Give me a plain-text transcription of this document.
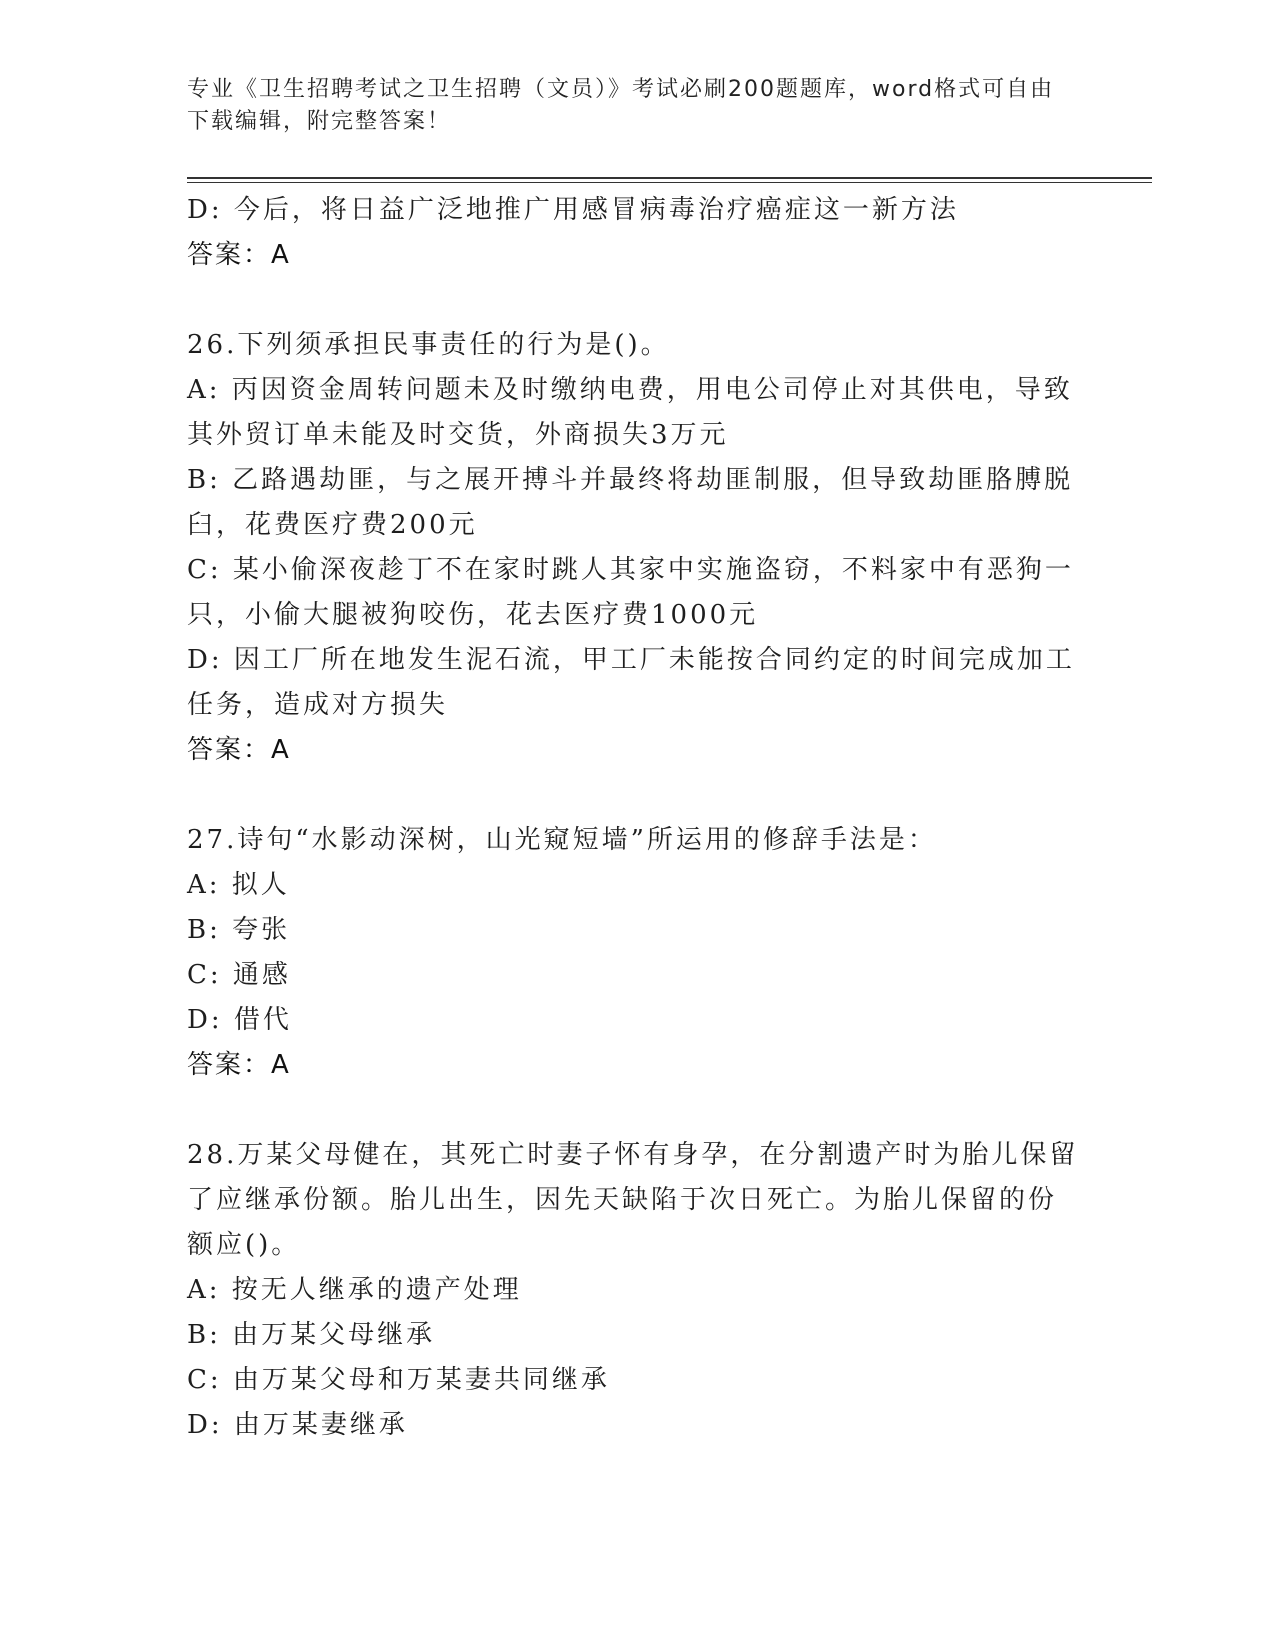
专业《卫生招聘考试之卫生招聘（文员）》考试必刷200题题库，word格式可自由下载编辑，附完整答案！
D: 今后，将日益广泛地推广用感冒病毒治疗癌症这一新方法
答案：A
26.下列须承担民事责任的行为是()。
A: 丙因资金周转问题未及时缴纳电费，用电公司停止对其供电，导致
其外贸订单未能及时交货，外商损失3万元
B: 乙路遇劫匪，与之展开搏斗并最终将劫匪制服，但导致劫匪胳膊脱
臼，花费医疗费200元
C: 某小偷深夜趁丁不在家时跳人其家中实施盗窃，不料家中有恶狗一
只，小偷大腿被狗咬伤，花去医疗费1000元
D: 因工厂所在地发生泥石流，甲工厂未能按合同约定的时间完成加工
任务，造成对方损失
答案：A
27.诗句“水影动深树，山光窥短墙”所运用的修辞手法是：
A: 拟人
B: 夸张
C: 通感
D: 借代
答案：A
28.万某父母健在，其死亡时妻子怀有身孕，在分割遗产时为胎儿保留
了应继承份额。胎儿出生，因先天缺陷于次日死亡。为胎儿保留的份
额应()。
A: 按无人继承的遗产处理
B: 由万某父母继承
C: 由万某父母和万某妻共同继承
D: 由万某妻继承
